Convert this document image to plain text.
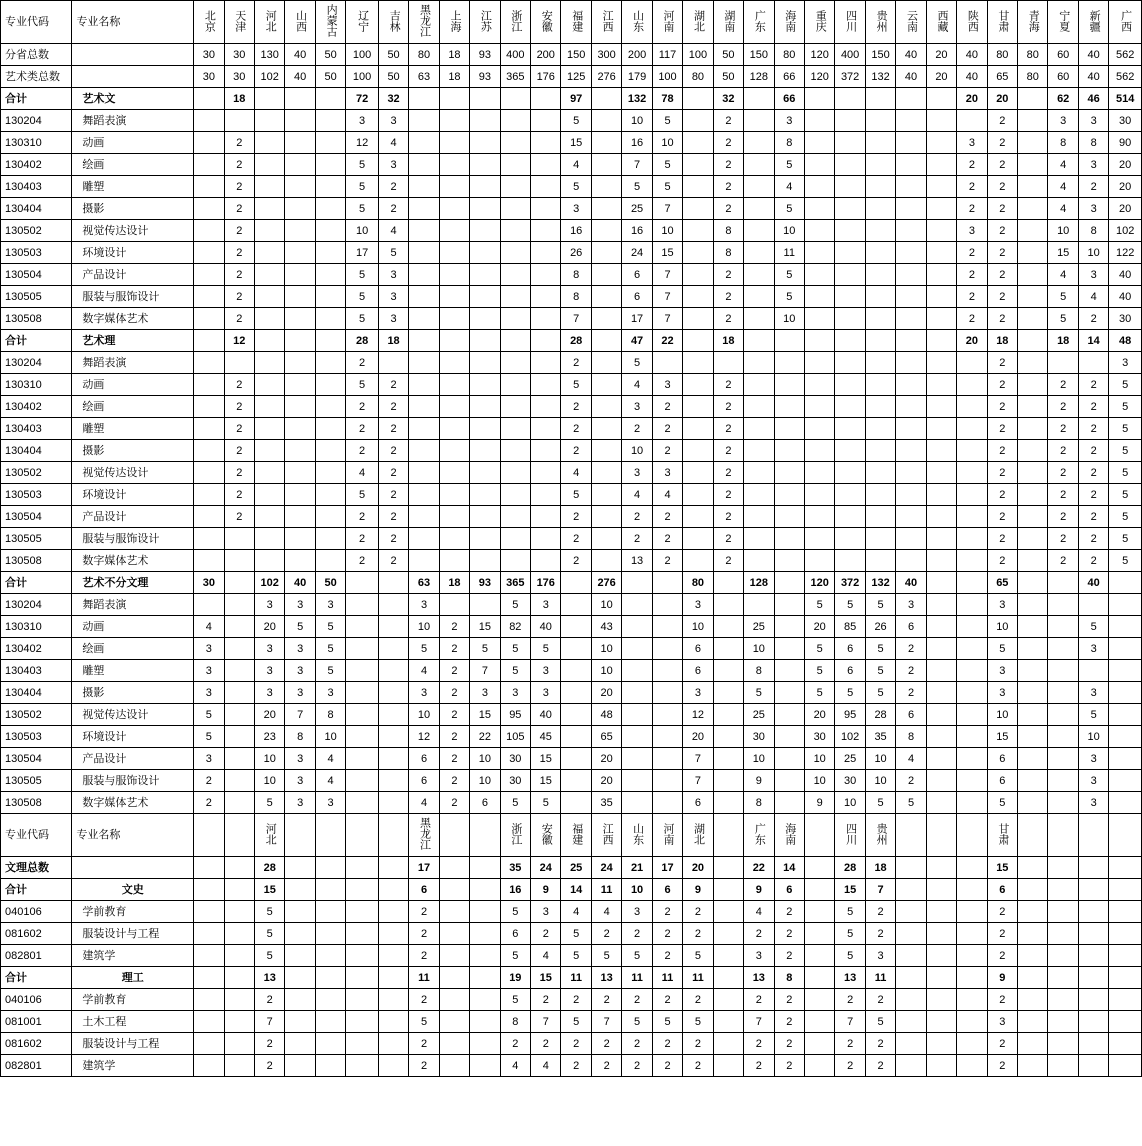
专业代码	专业名称	北京	天津	河北	山西	内蒙古	辽宁	吉林	黑龙江	上海	江苏	浙江	安徽	福建	江西	山东	河南	湖北	湖南	广东	海南	重庆	四川	贵州	云南	西藏	陕西	甘肃	青海	宁夏	新疆	广西
分省总数		30	30	130	40	50	100	50	80	18	93	400	200	150	300	200	117	100	50	150	80	120	400	150	40	20	40	80	80	60	40	562
艺术类总数		30	30	102	40	50	100	50	63	18	93	365	176	125	276	179	100	80	50	128	66	120	372	132	40	20	40	65	80	60	40	562
合计	艺术文		18				72	32						97		132	78		32		66						20	20		62	46	514
130204	舞蹈表演						3	3						5		10	5		2		3							2		3	3	30
130310	动画		2				12	4						15		16	10		2		8						3	2		8	8	90
130402	绘画		2				5	3						4		7	5		2		5						2	2		4	3	20
130403	雕塑		2				5	2						5		5	5		2		4						2	2		4	2	20
130404	摄影		2				5	2						3		25	7		2		5						2	2		4	3	20
130502	视觉传达设计		2				10	4						16		16	10		8		10						3	2		10	8	102
130503	环境设计		2				17	5						26		24	15		8		11						2	2		15	10	122
130504	产品设计		2				5	3						8		6	7		2		5						2	2		4	3	40
130505	服装与服饰设计		2				5	3						8		6	7		2		5						2	2		5	4	40
130508	数字媒体艺术		2				5	3						7		17	7		2		10						2	2		5	2	30
合计	艺术理		12				28	18						28		47	22		18								20	18		18	14	48
130204	舞蹈表演						2							2		5												2				3
130310	动画		2				5	2						5		4	3		2									2		2	2	5
130402	绘画		2				2	2						2		3	2		2									2		2	2	5
130403	雕塑		2				2	2						2		2	2		2									2		2	2	5
130404	摄影		2				2	2						2		10	2		2									2		2	2	5
130502	视觉传达设计		2				4	2						4		3	3		2									2		2	2	5
130503	环境设计		2				5	2						5		4	4		2									2		2	2	5
130504	产品设计		2				2	2						2		2	2		2									2		2	2	5
130505	服装与服饰设计						2	2						2		2	2		2									2		2	2	5
130508	数字媒体艺术						2	2						2		13	2		2									2		2	2	5
合计	艺术不分文理	30		102	40	50			63	18	93	365	176		276			80		128		120	372	132	40			65			40	
130204	舞蹈表演			3	3	3			3			5	3		10			3				5	5	5	3			3				
130310	动画	4		20	5	5			10	2	15	82	40		43			10		25		20	85	26	6			10			5	
130402	绘画	3		3	3	5			5	2	5	5	5		10			6		10		5	6	5	2			5			3	
130403	雕塑	3		3	3	5			4	2	7	5	3		10			6		8		5	6	5	2			3				
130404	摄影	3		3	3	3			3	2	3	3	3		20			3		5		5	5	5	2			3			3	
130502	视觉传达设计	5		20	7	8			10	2	15	95	40		48			12		25		20	95	28	6			10			5	
130503	环境设计	5		23	8	10			12	2	22	105	45		65			20		30		30	102	35	8			15			10	
130504	产品设计	3		10	3	4			6	2	10	30	15		20			7		10		10	25	10	4			6			3	
130505	服装与服饰设计	2		10	3	4			6	2	10	30	15		20			7		9		10	30	10	2			6			3	
130508	数字媒体艺术	2		5	3	3			4	2	6	5	5		35			6		8		9	10	5	5			5			3	
专业代码	专业名称			河北					黑龙江			浙江	安徽	福建	江西	山东	河南	湖北		广东	海南		四川	贵州				甘肃				
文理总数				28					17			35	24	25	24	21	17	20		22	14		28	18				15				
合计	文史			15					6			16	9	14	11	10	6	9		9	6		15	7				6				
040106	学前教育			5					2			5	3	4	4	3	2	2		4	2		5	2				2				
081602	服装设计与工程			5					2			6	2	5	2	2	2	2		2	2		5	2				2				
082801	建筑学			5					2			5	4	5	5	5	2	5		3	2		5	3				2				
合计	理工			13					11			19	15	11	13	11	11	11		13	8		13	11				9				
040106	学前教育			2					2			5	2	2	2	2	2	2		2	2		2	2				2				
081001	土木工程			7					5			8	7	5	7	5	5	5		7	2		7	5				3				
081602	服装设计与工程			2					2			2	2	2	2	2	2	2		2	2		2	2				2				
082801	建筑学			2					2			4	4	2	2	2	2	2		2	2		2	2				2				
